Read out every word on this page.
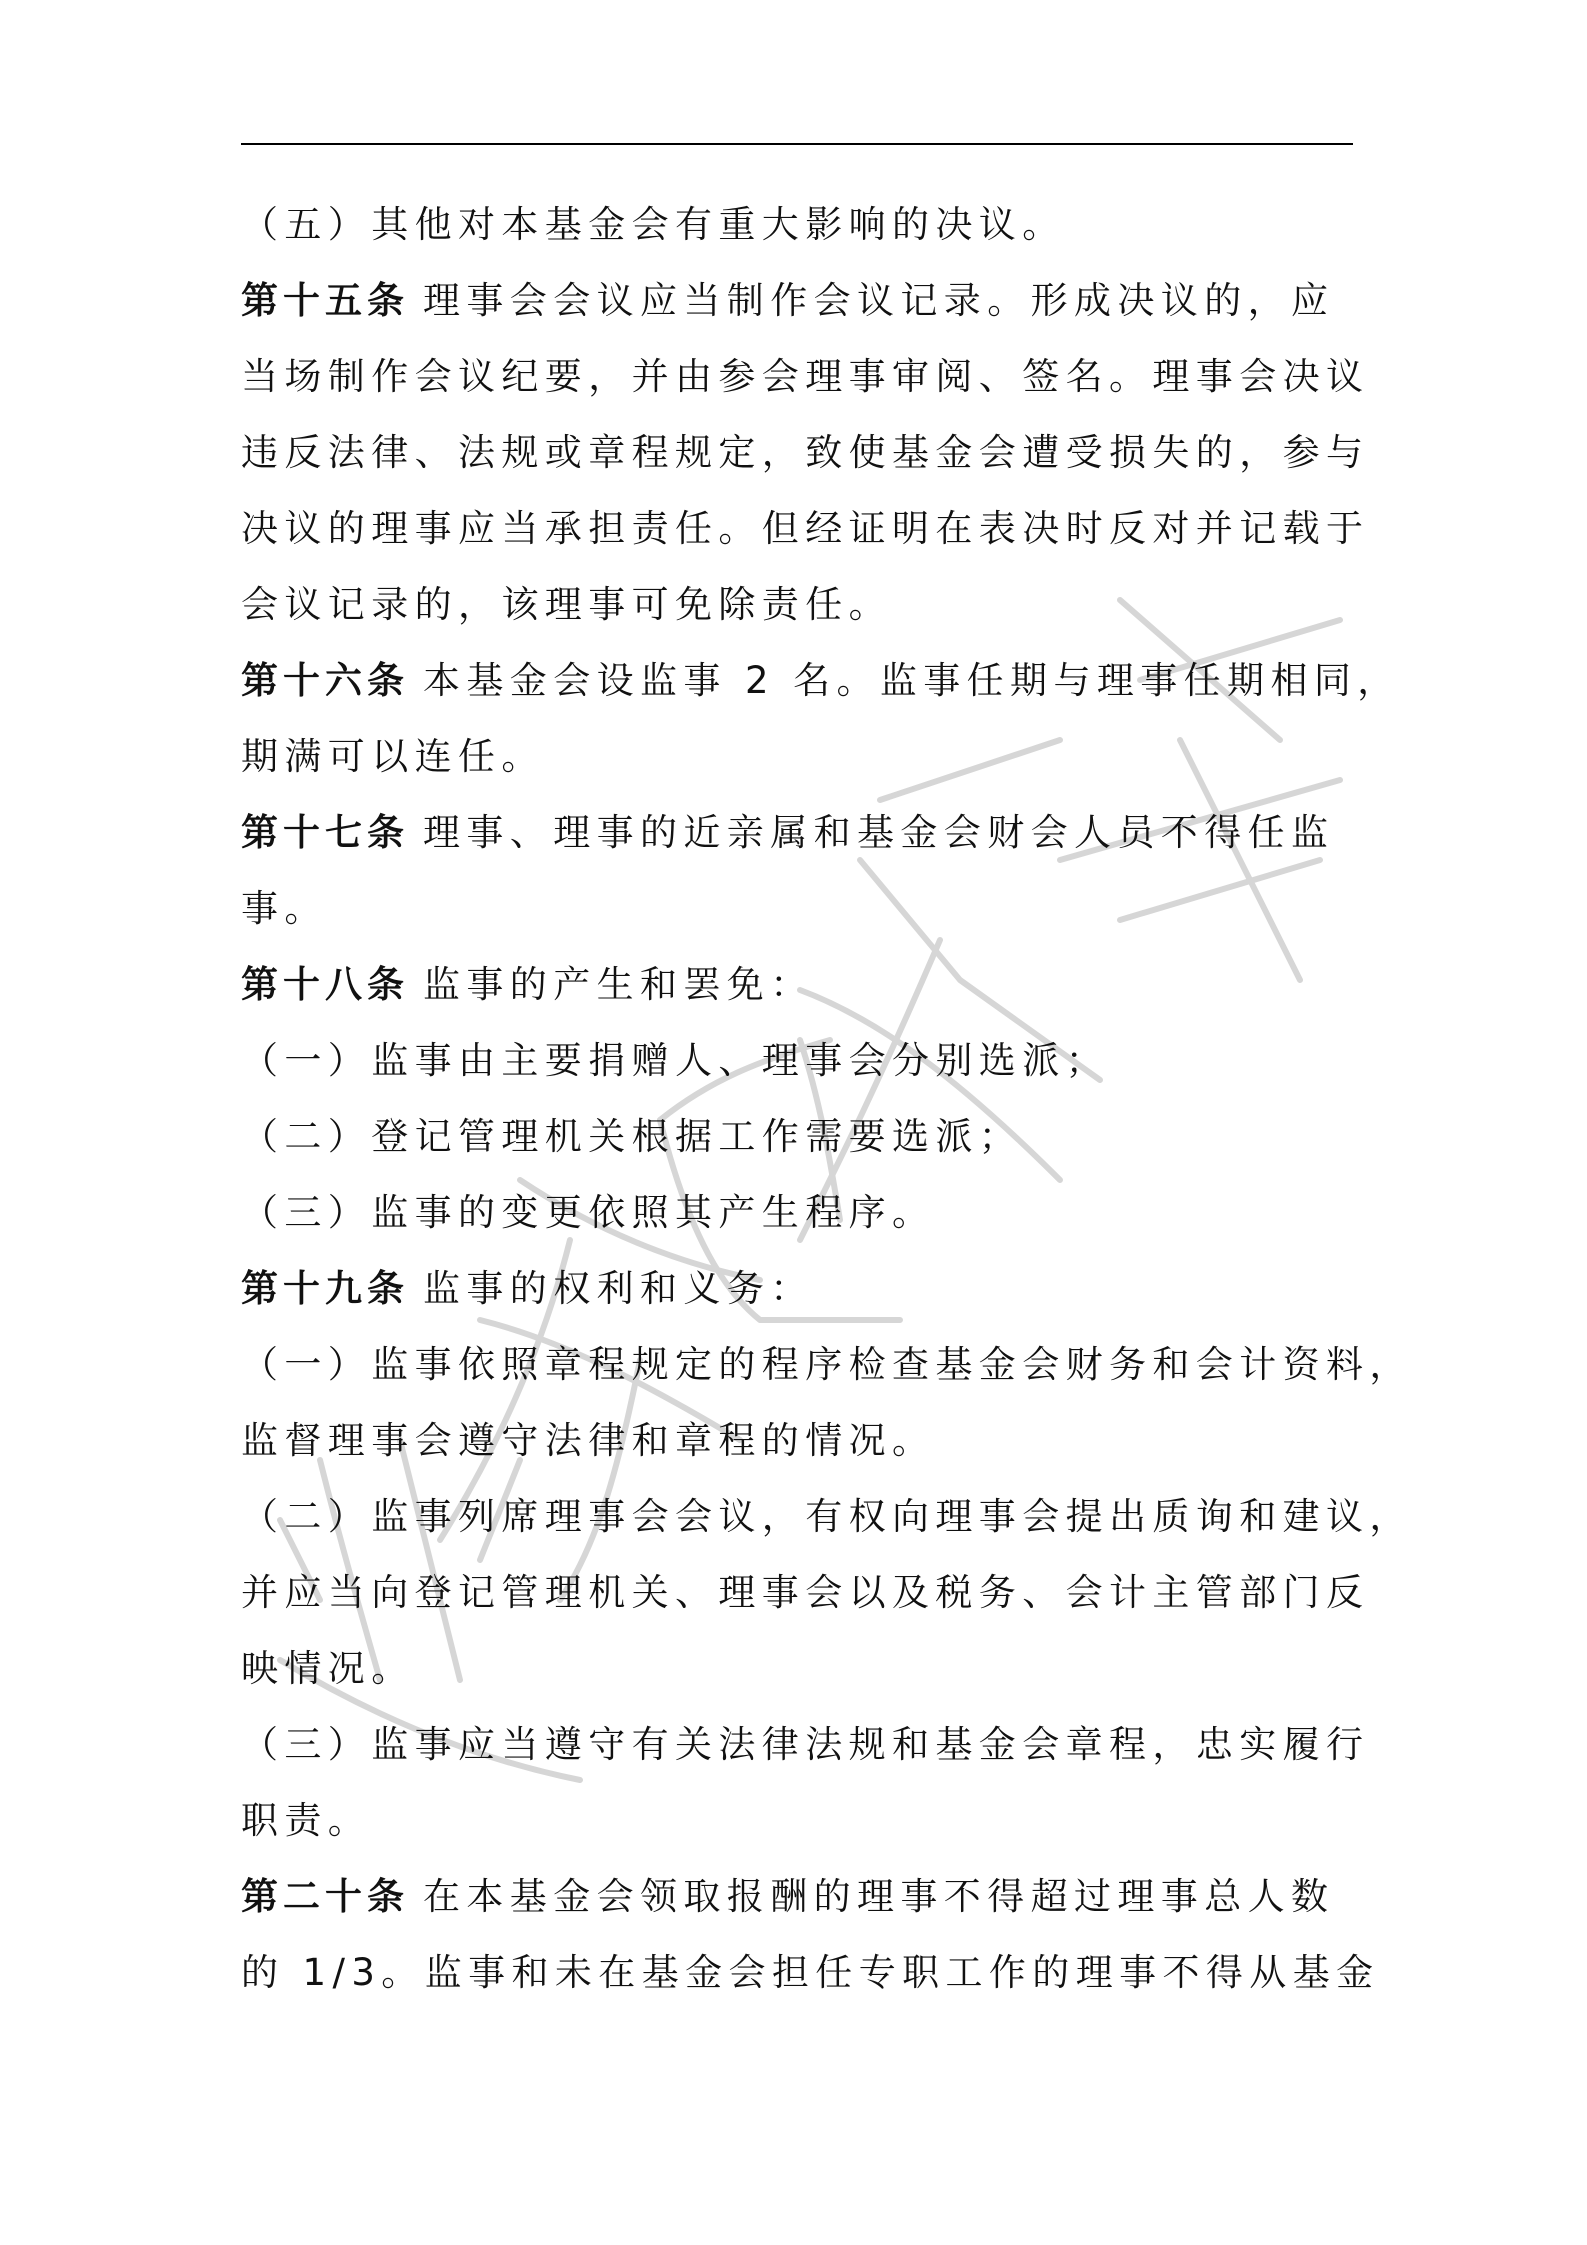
业务已受理
（五）其他对本基金会有重大影响的决议。
第十五条 理事会会议应当制作会议记录。形成决议的，应
当场制作会议纪要，并由参会理事审阅、签名。理事会决议
违反法律、法规或章程规定，致使基金会遭受损失的，参与
决议的理事应当承担责任。但经证明在表决时反对并记载于
会议记录的，该理事可免除责任。
第十六条 本基金会设监事 2 名。监事任期与理事任期相同，
期满可以连任。
第十七条 理事、理事的近亲属和基金会财会人员不得任监
事。
第十八条 监事的产生和罢免：
（一）监事由主要捐赠人、理事会分别选派；
（二）登记管理机关根据工作需要选派；
（三）监事的变更依照其产生程序。
第十九条 监事的权利和义务：
（一）监事依照章程规定的程序检查基金会财务和会计资料，
监督理事会遵守法律和章程的情况。
（二）监事列席理事会会议，有权向理事会提出质询和建议，
并应当向登记管理机关、理事会以及税务、会计主管部门反
映情况。
（三）监事应当遵守有关法律法规和基金会章程，忠实履行
职责。
第二十条 在本基金会领取报酬的理事不得超过理事总人数
的 1/3。监事和未在基金会担任专职工作的理事不得从基金
